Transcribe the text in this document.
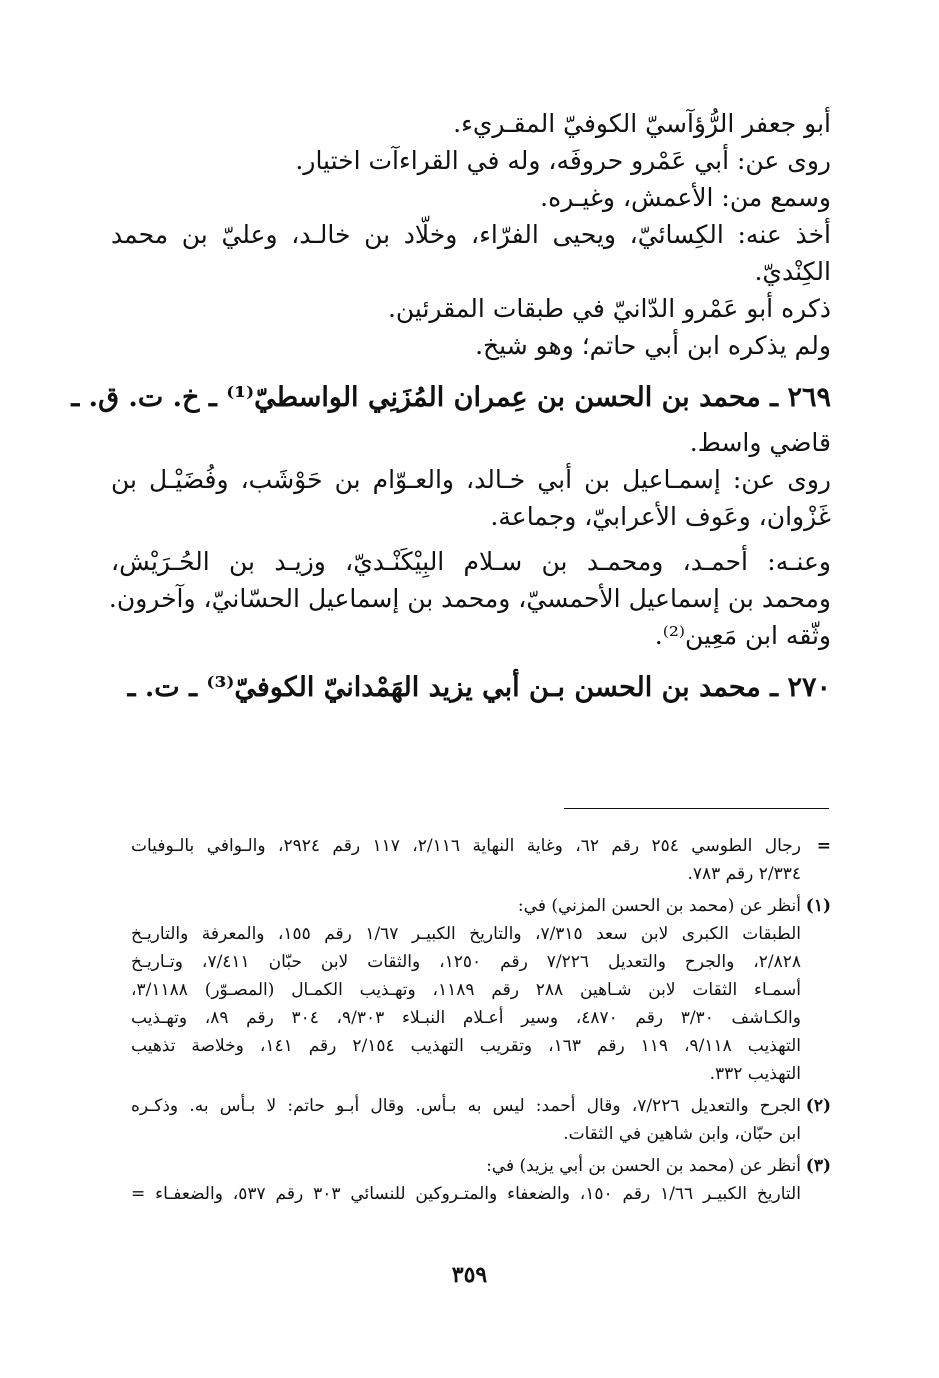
أبو جعفر الرُّؤآسيّ الكوفيّ المقـريء.
روى عن: أبي عَمْرو حروفَه، وله في القراءآت اختيار.
وسمع من: الأعمش، وغيـره.
أخذ عنه: الكِسائيّ، ويحيى الفرّاء، وخلّاد بن خالـد، وعليّ بن محمد
الكِنْديّ.
ذكره أبو عَمْرو الدّانيّ في طبقات المقرئين.
ولم يذكره ابن أبي حاتم؛ وهو شيخ.
٢٦٩ ـ محمد بن الحسن بن عِمران المُزَنِي الواسطيّ⁽¹⁾ ـ خ. ت. ق. ـ
قاضي واسط.
روى عن: إسمـاعيل بن أبي خـالد، والعـوّام بن حَوْشَب، وفُضَيْـل بن
غَزْوان، وعَوف الأعرابيّ، وجماعة.
وعنـه: أحمـد، ومحمـد بن سـلام البِيْكَنْـديّ، وزيـد بن الحُـرَيْش،
ومحمد بن إسماعيل الأحمسيّ، ومحمد بن إسماعيل الحسّانيّ، وآخرون.
وثّقه ابن مَعِين⁽²⁾.
٢٧٠ ـ محمد بن الحسن بـن أبي يزيد الهَمْدانيّ الكوفيّ⁽³⁾ ـ ت. ـ
=
رجال الطوسي ٢٥٤ رقم ٦٢، وغاية النهاية ٢/١١٦، ١١٧ رقم ٢٩٢٤، والـوافي بالـوفيات
٢/٣٣٤ رقم ٧٨٣.
(١)
أنظر عن (محمد بن الحسن المزني) في:
الطبقات الكبرى لابن سعد ٧/٣١٥، والتاريخ الكبيـر ١/٦٧ رقم ١٥٥، والمعرفة والتاريـخ
٢/٨٢٨، والجرح والتعديل ٧/٢٢٦ رقم ١٢٥٠، والثقات لابن حبّان ٧/٤١١، وتـاريـخ
أسمـاء الثقات لابن شـاهين ٢٨٨ رقم ١١٨٩، وتهـذيب الكمـال (المصـوّر) ٣/١١٨٨،
والكـاشف ٣/٣٠ رقم ٤٨٧٠، وسير أعـلام النبـلاء ٩/٣٠٣، ٣٠٤ رقم ٨٩، وتهـذيب
التهذيب ٩/١١٨، ١١٩ رقم ١٦٣، وتقريب التهذيب ٢/١٥٤ رقم ١٤١، وخلاصة تذهيب
التهذيب ٣٣٢.
(٢)
الجرح والتعديل ٧/٢٢٦، وقال أحمد: ليس به بـأس. وقال أبـو حاتم: لا بـأس به. وذكـره
ابن حبّان، وابن شاهين في الثقات.
(٣)
أنظر عن (محمد بن الحسن بن أبي يزيد) في:
التاريخ الكبيـر ١/٦٦ رقم ١٥٠، والضعفاء والمتـروكين للنسائي ٣٠٣ رقم ٥٣٧، والضعفـاء =
٣٥٩
